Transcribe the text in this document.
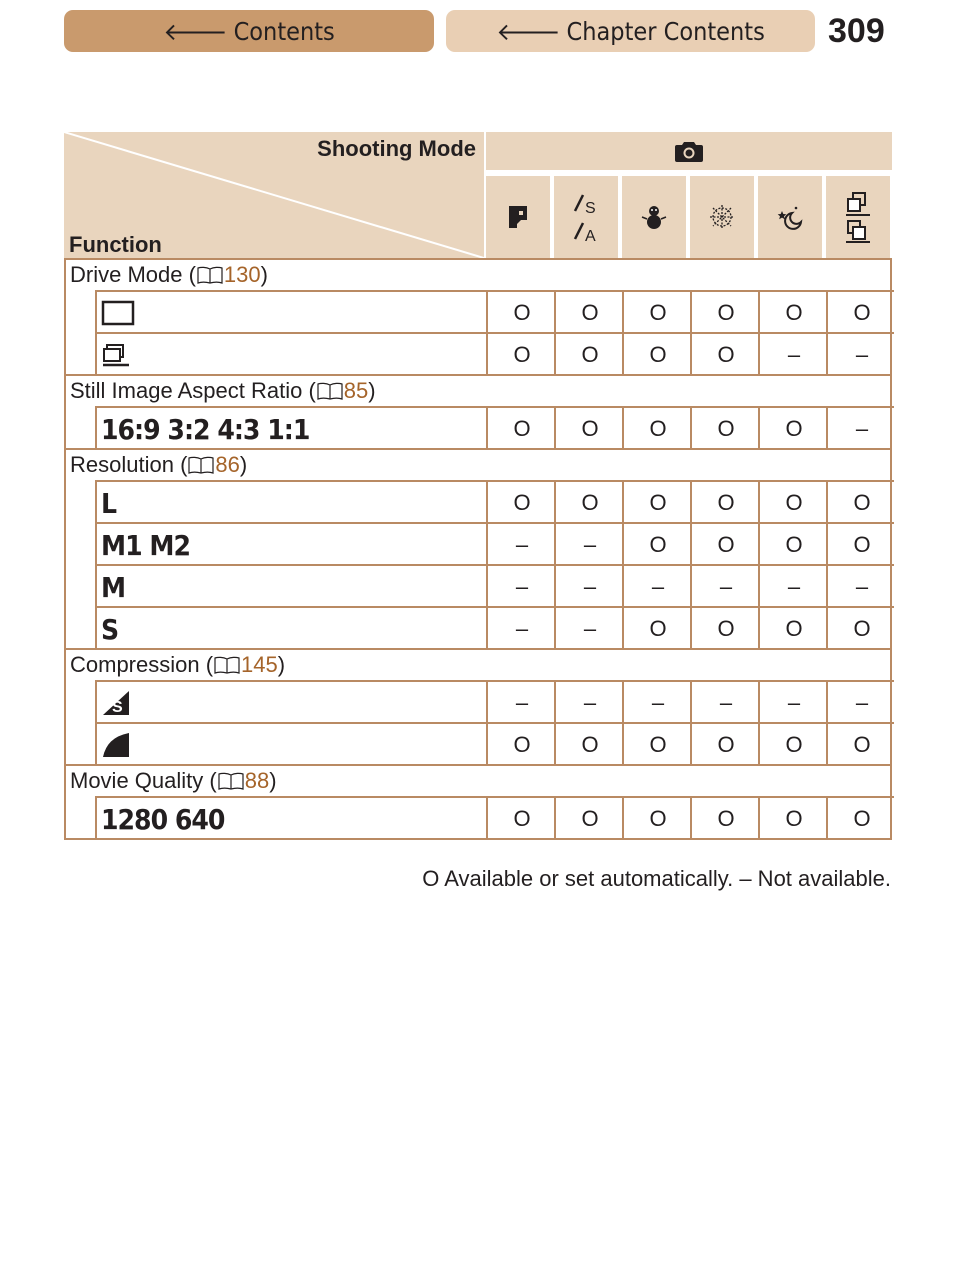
🡐 Contents	🡐 Chapter Contents 309
Shooting Mode
Function
S
A
Drive Mode ( 130)
O	O	O	O	O	O
O	O	O	O	–	–
Still Image Aspect Ratio ( 85)
16:9 3:2 4:3 1:1	O	O	O	O	O	–
Resolution ( 86)
L	O	O	O	O	O	O
M1 M2	–	–	O	O	O	O
M	–	–	–	–	–	–
S	–	–	O	O	O	O
Compression ( 145)
S	–	–	–	–	–	–
O	O	O	O	O	O
Movie Quality ( 88)
1280 640	O	O	O	O	O	O
O Available or set automatically. – Not available.
